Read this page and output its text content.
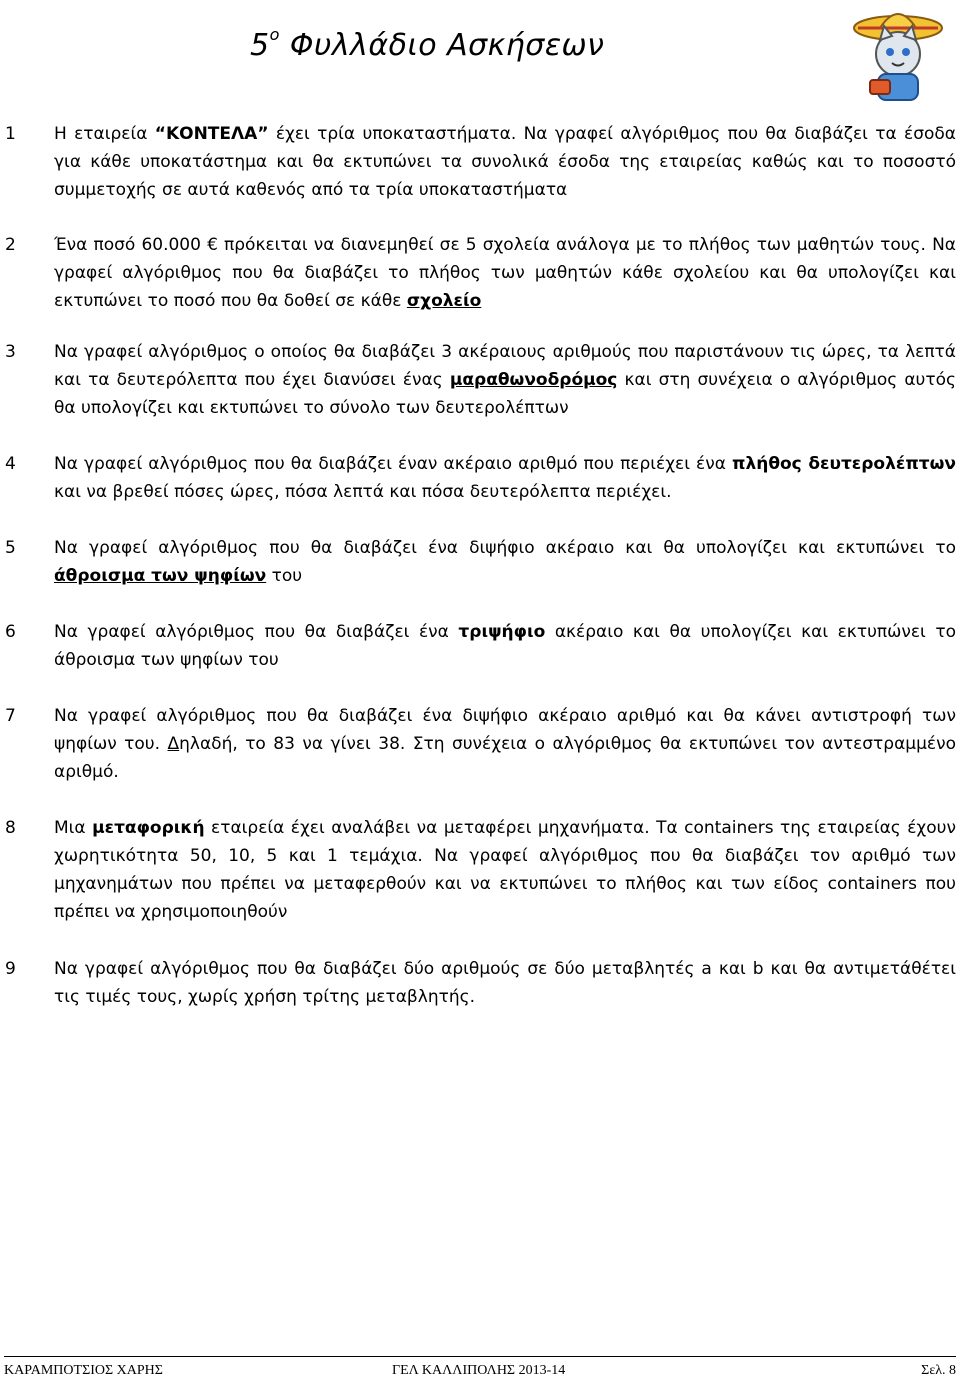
$5^o$ Φυλλάδιο Ασκήσεων
1	Η εταιρεία “ΚΟΝΤΕΛΑ” έχει τρία υποκαταστήματα. Να γραφεί αλγόριθμος που θα διαβάζει τα έσοδα για κάθε υποκατάστημα και θα εκτυπώνει τα συνολικά έσοδα της εταιρείας καθώς και το ποσοστό συμμετοχής σε αυτά καθενός από τα τρία υποκαταστήματα
2	Ένα ποσό 60.000 € πρόκειται να διανεμηθεί σε 5 σχολεία ανάλογα με το πλήθος των μαθητών τους. Να γραφεί αλγόριθμος που θα διαβάζει το πλήθος των μαθητών κάθε σχολείου και θα υπολογίζει και εκτυπώνει το ποσό που θα δοθεί σε κάθε σχολείο
3	Να γραφεί αλγόριθμος ο οποίος θα διαβάζει 3 ακέραιους αριθμούς που παριστάνουν τις ώρες, τα λεπτά και τα δευτερόλεπτα που έχει διανύσει ένας μαραθωνοδρόμος και στη συνέχεια ο αλγόριθμος αυτός θα υπολογίζει και εκτυπώνει το σύνολο των δευτερολέπτων
4	Να γραφεί αλγόριθμος που θα διαβάζει έναν ακέραιο αριθμό που περιέχει ένα πλήθος δευτερολέπτων και να βρεθεί πόσες ώρες, πόσα λεπτά και πόσα δευτερόλεπτα περιέχει.
5	Να γραφεί αλγόριθμος που θα διαβάζει ένα διψήφιο ακέραιο και θα υπολογίζει και εκτυπώνει το άθροισμα των ψηφίων του
6	Να γραφεί αλγόριθμος που θα διαβάζει ένα τριψήφιο ακέραιο και θα υπολογίζει και εκτυπώνει το άθροισμα των ψηφίων του
7	Να γραφεί αλγόριθμος που θα διαβάζει ένα διψήφιο ακέραιο αριθμό και θα κάνει αντιστροφή των ψηφίων του. Δηλαδή, το 83 να γίνει 38. Στη συνέχεια ο αλγόριθμος θα εκτυπώνει τον αντεστραμμένο αριθμό.
8	Μια μεταφορική εταιρεία έχει αναλάβει να μεταφέρει μηχανήματα. Τα containers της εταιρείας έχουν χωρητικότητα 50, 10, 5 και 1 τεμάχια. Να γραφεί αλγόριθμος που θα διαβάζει τον αριθμό των μηχανημάτων που πρέπει να μεταφερθούν και να εκτυπώνει το πλήθος και των είδος containers που πρέπει να χρησιμοποιηθούν
9	Να γραφεί αλγόριθμος που θα διαβάζει δύο αριθμούς σε δύο μεταβλητές a και b και θα αντιμετάθέτει τις τιμές τους, χωρίς χρήση τρίτης μεταβλητής.
ΚΑΡΑΜΠΟΤΣΙΟΣ ΧΑΡΗΣ	ΓΕΛ ΚΑΛΛΙΠΟΛΗΣ 2013-14	Σελ. 8
